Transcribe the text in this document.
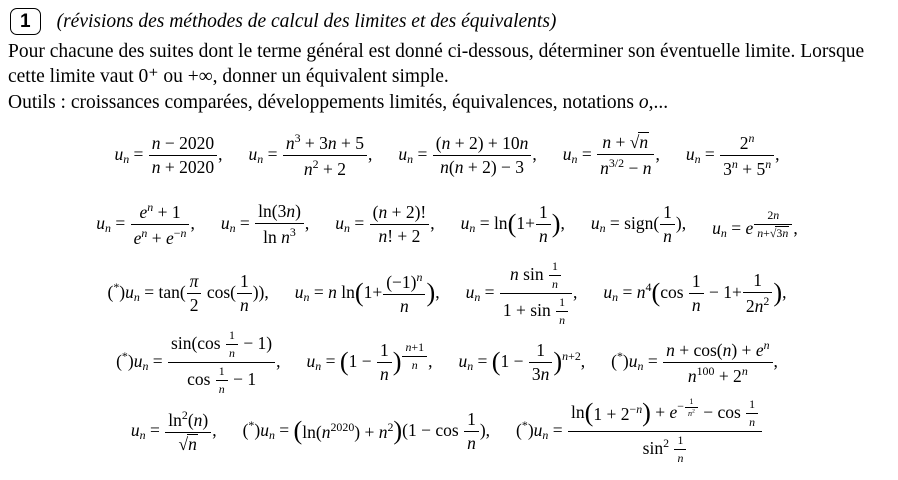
1	(révisions des méthodes de calcul des limites et des équivalents)

Pour chacune des suites dont le terme général est donné ci-dessous, déterminer son éventuelle limite. Lorsque cette limite vaut 0⁺ ou +∞, donner un équivalent simple.
Outils : croissances comparées, développements limités, équivalences, notations o,...

un = $\frac{n - 2020}{n + 2020}$ , un = $\frac{n^3 + 3n + 5}{n^2 + 2}$ , un = $\frac{(n + 2) + 10n}{n(n + 2) - 3}$ , un = $\frac{n + √n}{n^{3/2} - n}$ , un = $\frac{2^n}{3^n + 5^n}$ ,
un = $\frac{e^n + 1}{e^n + e^{-n}}$ , un = $\frac{\ln(3n)}{\ln n^3}$ , un = $\frac{(n + 2)!}{n! + 2}$ , un = ln ( $1+ \frac{1}{n}$ ) , un = sign( $\frac{1}{n}$ ), un = e $^{\frac{2n}{n+√3n}}$ ,
$(^*)un = \tan( \frac{\pi}{2} \cos( \frac{1}{n}$ )), un = n ln ( $1+ \frac{(-1)^n}{n}$ ) , un = $\frac{n \sin \frac{1}{n}}{1 + \sin \frac{1}{n}}$ , un = $n^4$ ( $\cos \frac{1}{n} - 1+ \frac{1}{2n^2}$ ) ,
$(^*)un = \frac{\sin(\cos \frac{1}{n} - 1)}{\cos \frac{1}{n} - 1}$ , un = ( $1 - \frac{1}{n}$ ) $^{\frac{n+1}{n}}$ , un = ( $1 - \frac{1}{3n}$ ) $^{n+2}$, $(^*)un = \frac{n + \cos(n) + e^n}{n^{100} + 2^n}$ ,
un = $\frac{\ln^2(n)}{√n}$ , (*)un = ( $\ln(n^{2020}) + n^2$ ) ($1 - \cos \frac{1}{n}$ ), (*)un = ln ( $1 + 2^{-n}$ ) + $e^{- \frac{1}{n^2}} - \cos \frac{1}{n}$
$\sin^2 \frac{1}{n}$
